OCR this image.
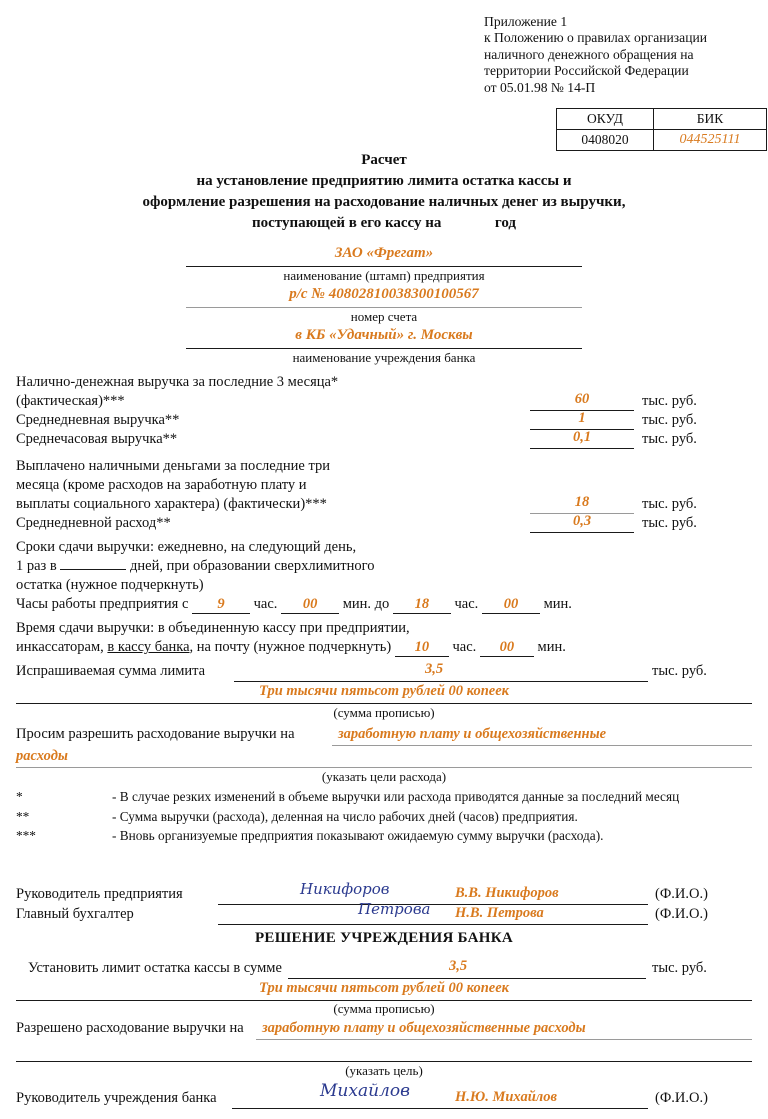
Приложение 1
к Положению о правилах организации
наличного денежного обращения на
территории Российской Федерации
от 05.01.98 № 14-П
ОКУД	БИК
0408020	044525111
Расчет
на установление предприятию лимита остатка кассы и
оформление разрешения на расходование наличных денег из выручки,
поступающей в его кассу на	год
ЗАО «Фрегат»
наименование (штамп) предприятия
р/с № 40802810038300100567
номер счета
в КБ «Удачный» г. Москвы
наименование учреждения банка
Налично-денежная выручка за последние 3 месяца*
(фактическая)***	60	тыс. руб.
Среднедневная выручка**	1	тыс. руб.
Среднечасовая выручка**	0,1	тыс. руб.
Выплачено наличными деньгами за последние три
месяца (кроме расходов на заработную плату и
выплаты социального характера) (фактически)***	18	тыс. руб.
Среднедневной расход**	0,3	тыс. руб.
Сроки сдачи выручки: ежедневно, на следующий день,
1 раз в	дней, при образовании сверхлимитного
остатка (нужное подчеркнуть)
Часы работы предприятия с 9 час. 00 мин. до 18 час. 00 мин.
Время сдачи выручки: в объединенную кассу при предприятии,
инкассаторам, в кассу банка, на почту (нужное подчеркнуть) 10 час. 00 мин.
Испрашиваемая сумма лимита	3,5	тыс. руб.
Три тысячи пятьсот рублей 00 копеек
(сумма прописью)
Просим разрешить расходование выручки на	заработную плату и общехозяйственные
расходы
(указать цели расхода)
*	- В случае резких изменений в объеме выручки или расхода приводятся данные за последний месяц
**	- Сумма выручки (расхода), деленная на число рабочих дней (часов) предприятия.
***	- Вновь организуемые предприятия показывают ожидаемую сумму выручки (расхода).
Руководитель предприятия	Никифоров	В.В. Никифоров	(Ф.И.О.)
Главный бухгалтер	Петрова Н.В. Петрова	(Ф.И.О.)
РЕШЕНИЕ УЧРЕЖДЕНИЯ БАНКА
Установить лимит остатка кассы в сумме	3,5	тыс. руб.
Три тысячи пятьсот рублей 00 копеек
(сумма прописью)
Разрешено расходование выручки на заработную плату и общехозяйственные расходы
(указать цель)
Руководитель учреждения банка	Михайлов	Н.Ю. Михайлов	(Ф.И.О.)
